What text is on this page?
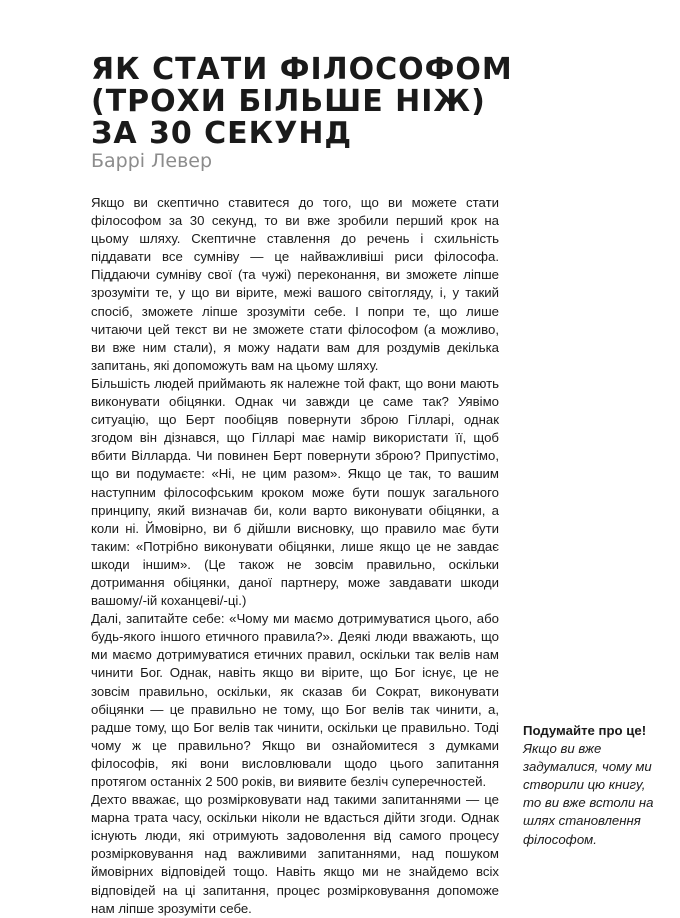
ЯК СТАТИ ФІЛОСОФОМ
(ТРОХИ БІЛЬШЕ НІЖ)
ЗА 30 СЕКУНД
Баррі Левер

Якщо ви скептично ставитеся до того, що ви можете стати філософом за 30 секунд, то ви вже зробили перший крок на цьому шляху. Скептичне ставлення до речень і схильність піддавати все сумніву — це найважливіші риси філософа. Піддаючи сумніву свої (та чужі) переконання, ви зможете ліпше зрозуміти те, у що ви вірите, межі вашого світогляду, і, у такий спосіб, зможете ліпше зрозуміти себе. І попри те, що лише читаючи цей текст ви не зможете стати філософом (а можливо, ви вже ним стали), я можу надати вам для роздумів декілька запитань, які допоможуть вам на цьому шляху.

Більшість людей приймають як належне той факт, що вони мають виконувати обіцянки. Однак чи завжди це саме так? Уявімо ситуацію, що Берт пообіцяв повернути зброю Гілларі, однак згодом він дізнався, що Гілларі має намір використати її, щоб вбити Вілларда. Чи повинен Берт повернути зброю? Припустімо, що ви подумаєте: «Ні, не цим разом». Якщо це так, то вашим наступним філософським кроком може бути пошук загального принципу, який визначав би, коли варто виконувати обіцянки, а коли ні. Ймовірно, ви б дійшли висновку, що правило має бути таким: «Потрібно виконувати обіцянки, лише якщо це не завдає шкоди іншим». (Це також не зовсім правильно, оскільки дотримання обіцянки, даної партнеру, може завдавати шкоди вашому/-ій коханцеві/-ці.)

Далі, запитайте себе: «Чому ми маємо дотримуватися цього, або будь-якого іншого етичного правила?». Деякі люди вважають, що ми маємо дотримуватися етичних правил, оскільки так велів нам чинити Бог. Однак, навіть якщо ви вірите, що Бог існує, це не зовсім правильно, оскільки, як сказав би Сократ, виконувати обіцянки — це правильно не тому, що Бог велів так чинити, а, радше тому, що Бог велів так чинити, оскільки це правильно. Тоді чому ж це правильно? Якщо ви ознайомитеся з думками філософів, які вони висловлювали щодо цього запитання протягом останніх 2 500 років, ви виявите безліч суперечностей.

Дехто вважає, що розмірковувати над такими запитаннями — це марна трата часу, оскільки ніколи не вдасться дійти згоди. Однак існують люди, які отримують задоволення від самого процесу розмірковування над важливими запитаннями, над пошуком ймовірних відповідей тощо. Навіть якщо ми не знайдемо всіх відповідей на ці запитання, процес розмірковування допоможе нам ліпше зрозуміти себе.

Подумайте про це!

Якщо ви вже задумалися, чому ми створили цю книгу, то ви вже встоли на шлях становлення філософом.
